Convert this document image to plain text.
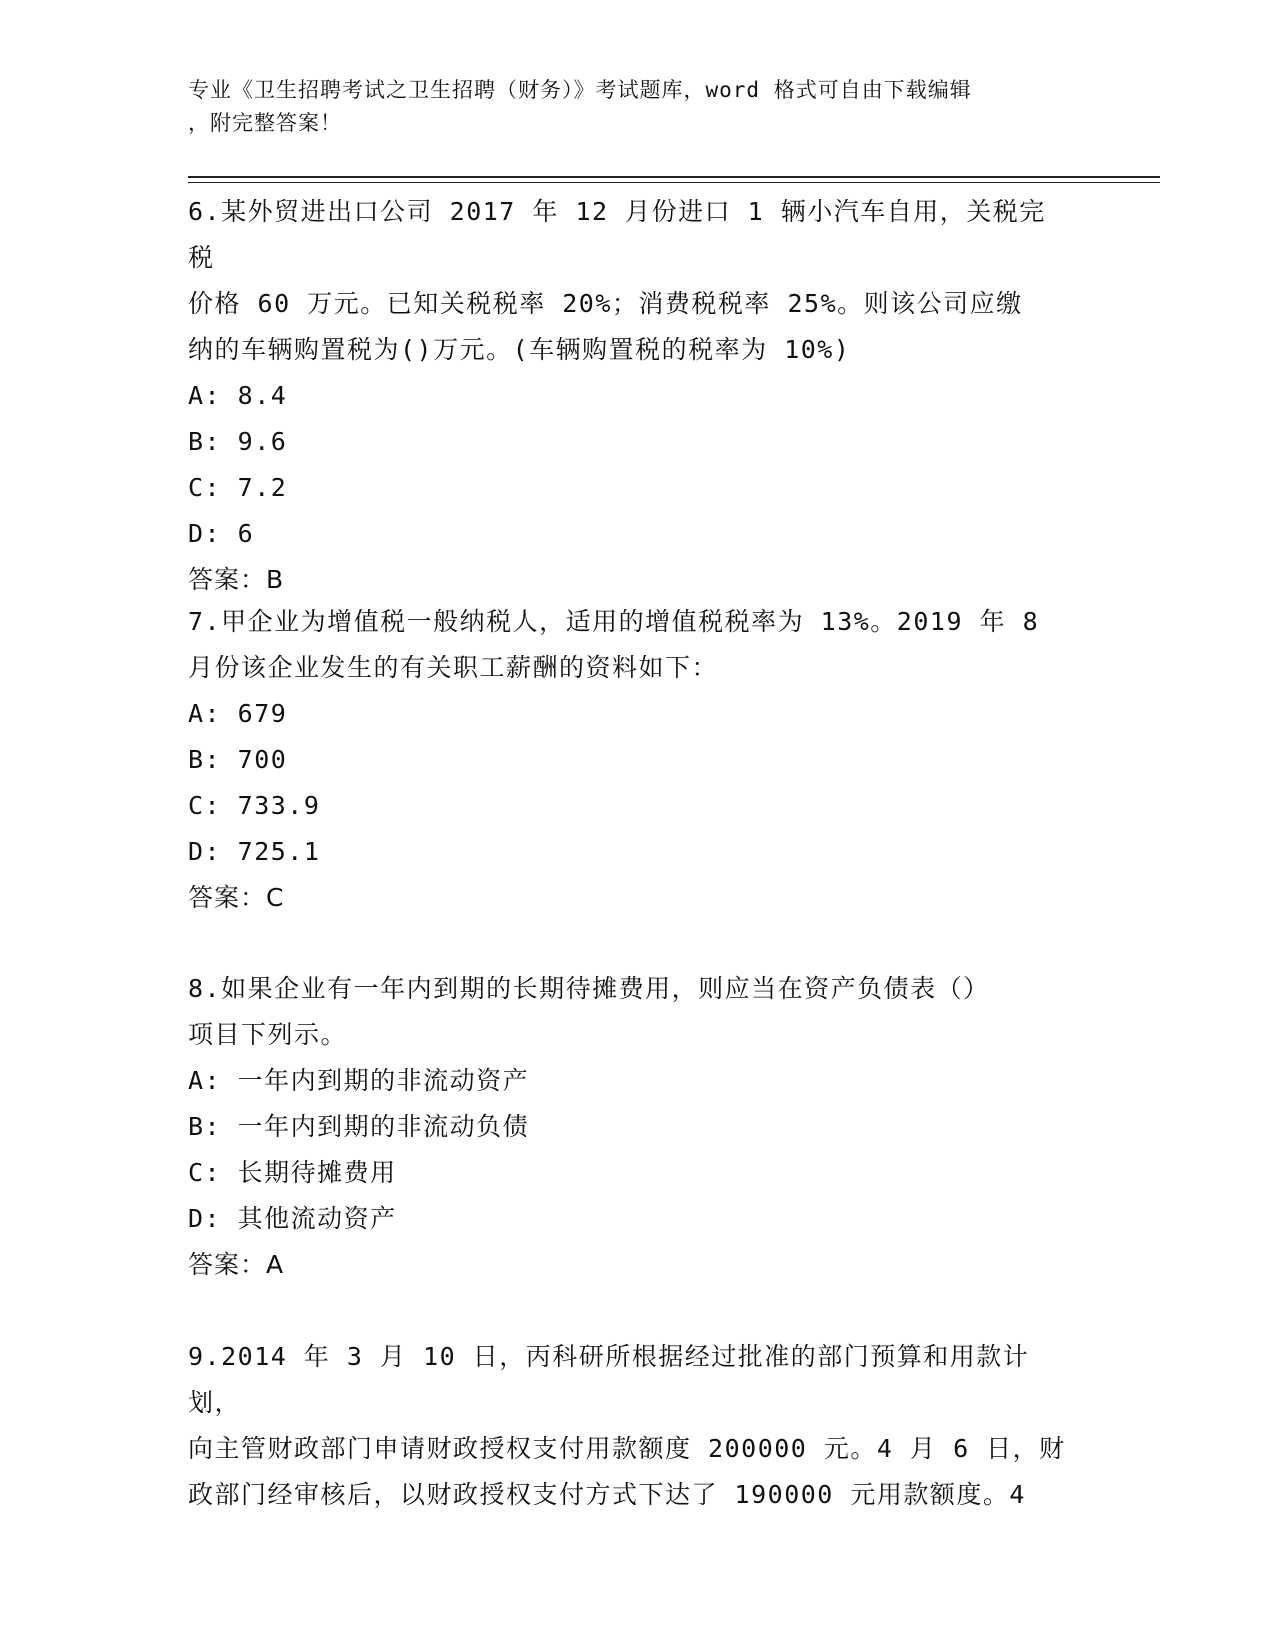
专业《卫生招聘考试之卫生招聘（财务）》考试题库，word 格式可自由下载编辑
，附完整答案！

6.某外贸进出口公司 2017 年 12 月份进口 1 辆小汽车自用，关税完税

价格 60 万元。已知关税税率 20%；消费税税率 25%。则该公司应缴

纳的车辆购置税为()万元。(车辆购置税的税率为 10%)

A: 8.4

B: 9.6

C: 7.2

D: 6

答案：B

7.甲企业为增值税一般纳税人，适用的增值税税率为 13%。2019 年 8

月份该企业发生的有关职工薪酬的资料如下：

A: 679

B: 700

C: 733.9

D: 725.1

答案：C

8.如果企业有一年内到期的长期待摊费用，则应当在资产负债表（）

项目下列示。

A: 一年内到期的非流动资产

B: 一年内到期的非流动负债

C: 长期待摊费用

D: 其他流动资产

答案：A

9.2014 年 3 月 10 日，丙科研所根据经过批准的部门预算和用款计划，

向主管财政部门申请财政授权支付用款额度 200000 元。4 月 6 日，财

政部门经审核后，以财政授权支付方式下达了 190000 元用款额度。4
